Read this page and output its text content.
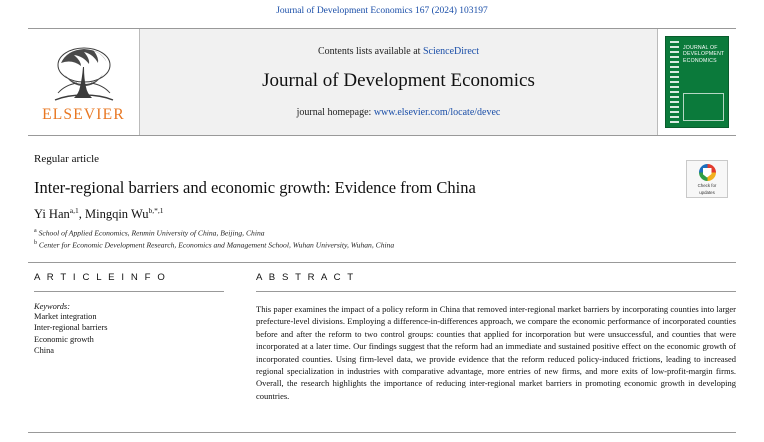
Journal of Development Economics 167 (2024) 103197
ELSEVIER
Contents lists available at ScienceDirect
Journal of Development Economics
journal homepage: www.elsevier.com/locate/devec
JOURNAL OF DEVELOPMENT ECONOMICS
Regular article
Inter-regional barriers and economic growth: Evidence from China
Yi Han$^{a,1}$, Mingqin $Wu^{b,*,1}$
$^a$ School of Applied Economics, Renmin University of China, Beijing, China
$^b$ Center for Economic Development Research, Economics and Management School, Wuhan University, Wuhan, China
Check for
updates
A R T I C L E I N F O
Keywords:
Market integration
Inter-regional barriers
Economic growth
China
A B S T R A C T
This paper examines the impact of a policy reform in China that removed inter-regional market barriers by incorporating counties into larger prefecture-level divisions. Employing a difference-in-differences approach, we compare the economic performance of incorporated counties before and after the reform to two control groups: counties that applied for incorporation but were unsuccessful, and counties that were incorporated at a later time. Our findings suggest that the reform had an immediate and sustained positive effect on the economic growth of incorporated counties. Using firm-level data, we provide evidence that the reform reduced policy-induced frictions, leading to increased regional specialization in industries with comparative advantage, more entries of new firms, and more exits of low-profit-margin firms. Overall, the research highlights the importance of reducing inter-regional market barriers in promoting economic growth in developing countries.
